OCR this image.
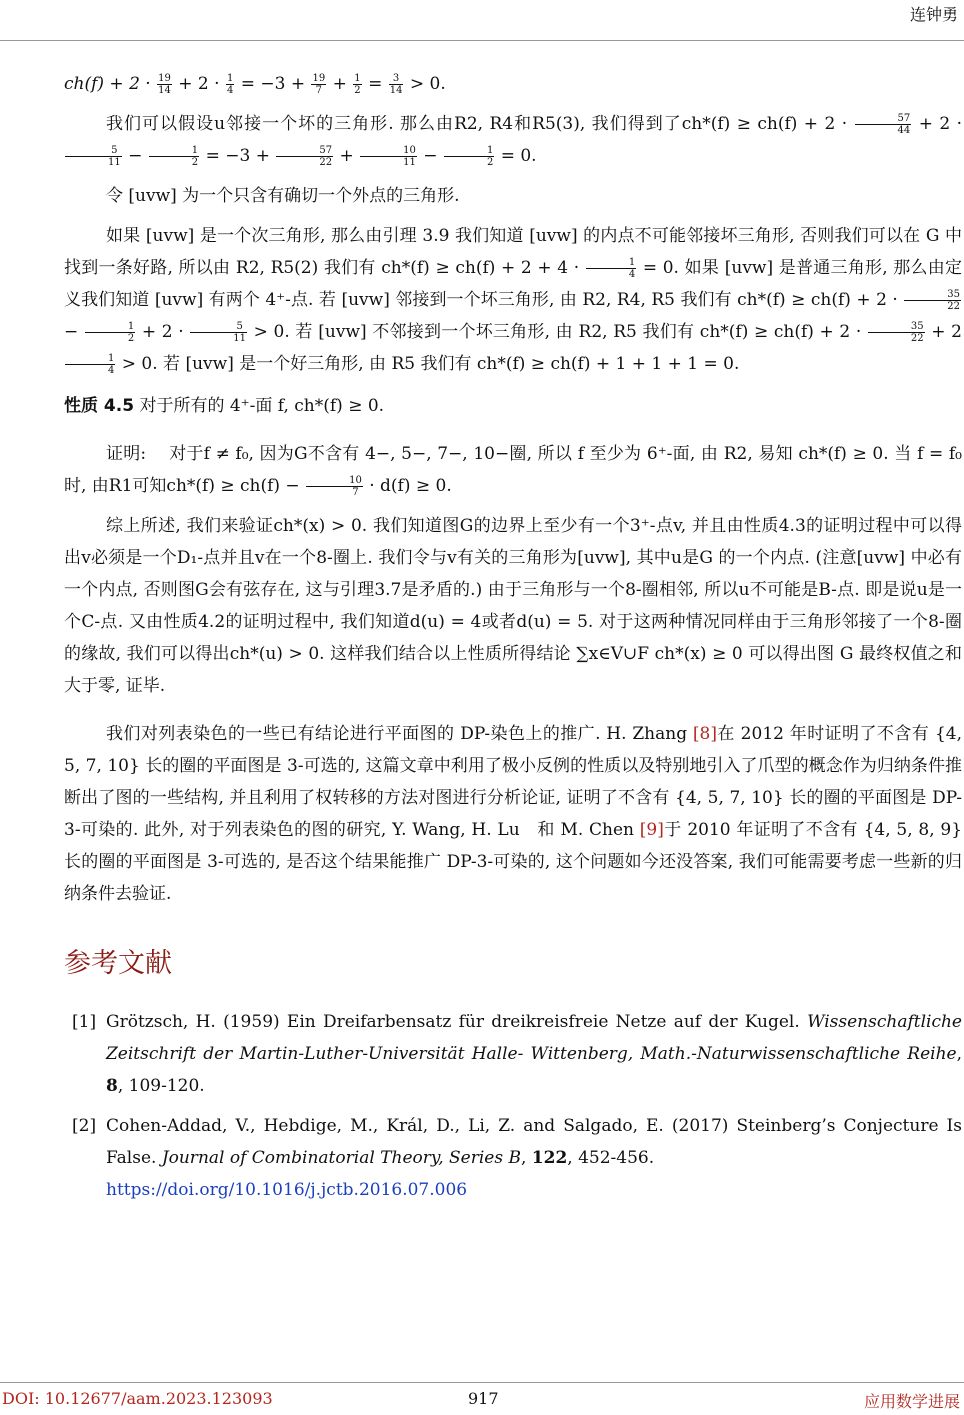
连钟勇
$ch(f) + 2 \cdot \frac{19}{14} + 2 \cdot \frac{1}{4} = -3 + \frac{19}{7} + \frac{1}{2} = \frac{3}{14} > 0$.
我们可以假设u邻接一个坏的三角形. 那么由R2, R4和R5(3), 我们得到了$ch*(f) \ge ch(f) + 2 \cdot \frac{57}{44} + 2$ ·
$\frac{5}{11} - \frac{1}{2} = -3 + \frac{57}{22} + \frac{10}{11} - \frac{1}{2} = 0$.
令 [uvw] 为一个只含有确切一个外点的三角形.
如果 [uvw] 是一个次三角形, 那么由引理 3.9 我们知道 [uvw] 的内点不可能邻接坏三角形, 否则我们可以在 G 中找到一条好路, 所以由 R2, R5(2) 我们有 $ch*(f) \ge ch(f) + 2 + 4 \cdot \frac{1}{4} = 0$. 如果 [uvw] 是普通三角形, 那么由定义我们知道 [uvw] 有两个 4⁺-点. 若 [uvw] 邻接到一个坏三角形, 由 R2, R4, R5 我们有 $ch*(f) \ge ch(f) + 2 \cdot \frac{35}{22}$
− $\frac{1}{2} + 2 \cdot \frac{5}{11} > 0$. 若 [uvw] 不邻接到一个坏三角形, 由 R2, R5 我们有 $ch*(f) \ge ch(f) + 2 \cdot \frac{35}{22} + 2$
$\frac{1}{4} > 0$. 若 [uvw] 是一个好三角形, 由 R5 我们有 ch*(f) ≥ ch(f) + 1 + 1 + 1 = 0.
性质 4.5 对于所有的 4⁺-面 f, ch*(f) ≥ 0.
证明:　 对于f ≠ f₀, 因为G不含有 4−, 5−, 7−, 10−圈, 所以 f 至少为 6⁺-面, 由 R2, 易知 ch*(f) ≥ 0. 当 f = f₀时, 由R1可知$ch*(f) \ge ch(f) - \frac{10}{7} \cdot d(f) \ge 0$.
综上所述, 我们来验证ch*(x) > 0. 我们知道图G的边界上至少有一个3⁺-点v, 并且由性质4.3的证明过程中可以得出v必须是一个D₁-点并且v在一个8-圈上. 我们令与v有关的三角形为[uvw], 其中u是G 的一个内点. (注意[uvw] 中必有一个内点, 否则图G会有弦存在, 这与引理3.7是矛盾的.) 由于三角形与一个8-圈相邻, 所以u不可能是B-点. 即是说u是一个C-点. 又由性质4.2的证明过程中, 我们知道d(u) = 4或者d(u) = 5. 对于这两种情况同样由于三角形邻接了一个8-圈的缘故, 我们可以得出ch*(u) > 0. 这样我们结合以上性质所得结论 ∑x∈V∪F ch*(x) ≥ 0 可以得出图 G 最终权值之和大于零, 证毕.
我们对列表染色的一些已有结论进行平面图的 DP-染色上的推广. H. Zhang [8]在 2012 年时证明了不含有 {4, 5, 7, 10} 长的圈的平面图是 3-可选的, 这篇文章中利用了极小反例的性质以及特别地引入了爪型的概念作为归纳条件推断出了图的一些结构, 并且利用了权转移的方法对图进行分析论证, 证明了不含有 {4, 5, 7, 10} 长的圈的平面图是 DP-3-可染的. 此外, 对于列表染色的图的研究, Y. Wang, H. Lu　和 M. Chen [9]于 2010 年证明了不含有 {4, 5, 8, 9} 长的圈的平面图是 3-可选的, 是否这个结果能推广 DP-3-可染的, 这个问题如今还没答案, 我们可能需要考虑一些新的归纳条件去验证.
参考文献
[1] Grötzsch, H. (1959) Ein Dreifarbensatz für dreikreisfreie Netze auf der Kugel. Wissenschaftliche Zeitschrift der Martin-Luther-Universität Halle- Wittenberg, Math.-Naturwissenschaftliche Reihe, 8, 109-120.
[2] Cohen-Addad, V., Hebdige, M., Král, D., Li, Z. and Salgado, E. (2017) Steinberg’s Conjecture Is False. Journal of Combinatorial Theory, Series B, 122, 452-456.
https://doi.org/10.1016/j.jctb.2016.07.006
DOI: 10.12677/aam.2023.123093	917	应用数学进展
